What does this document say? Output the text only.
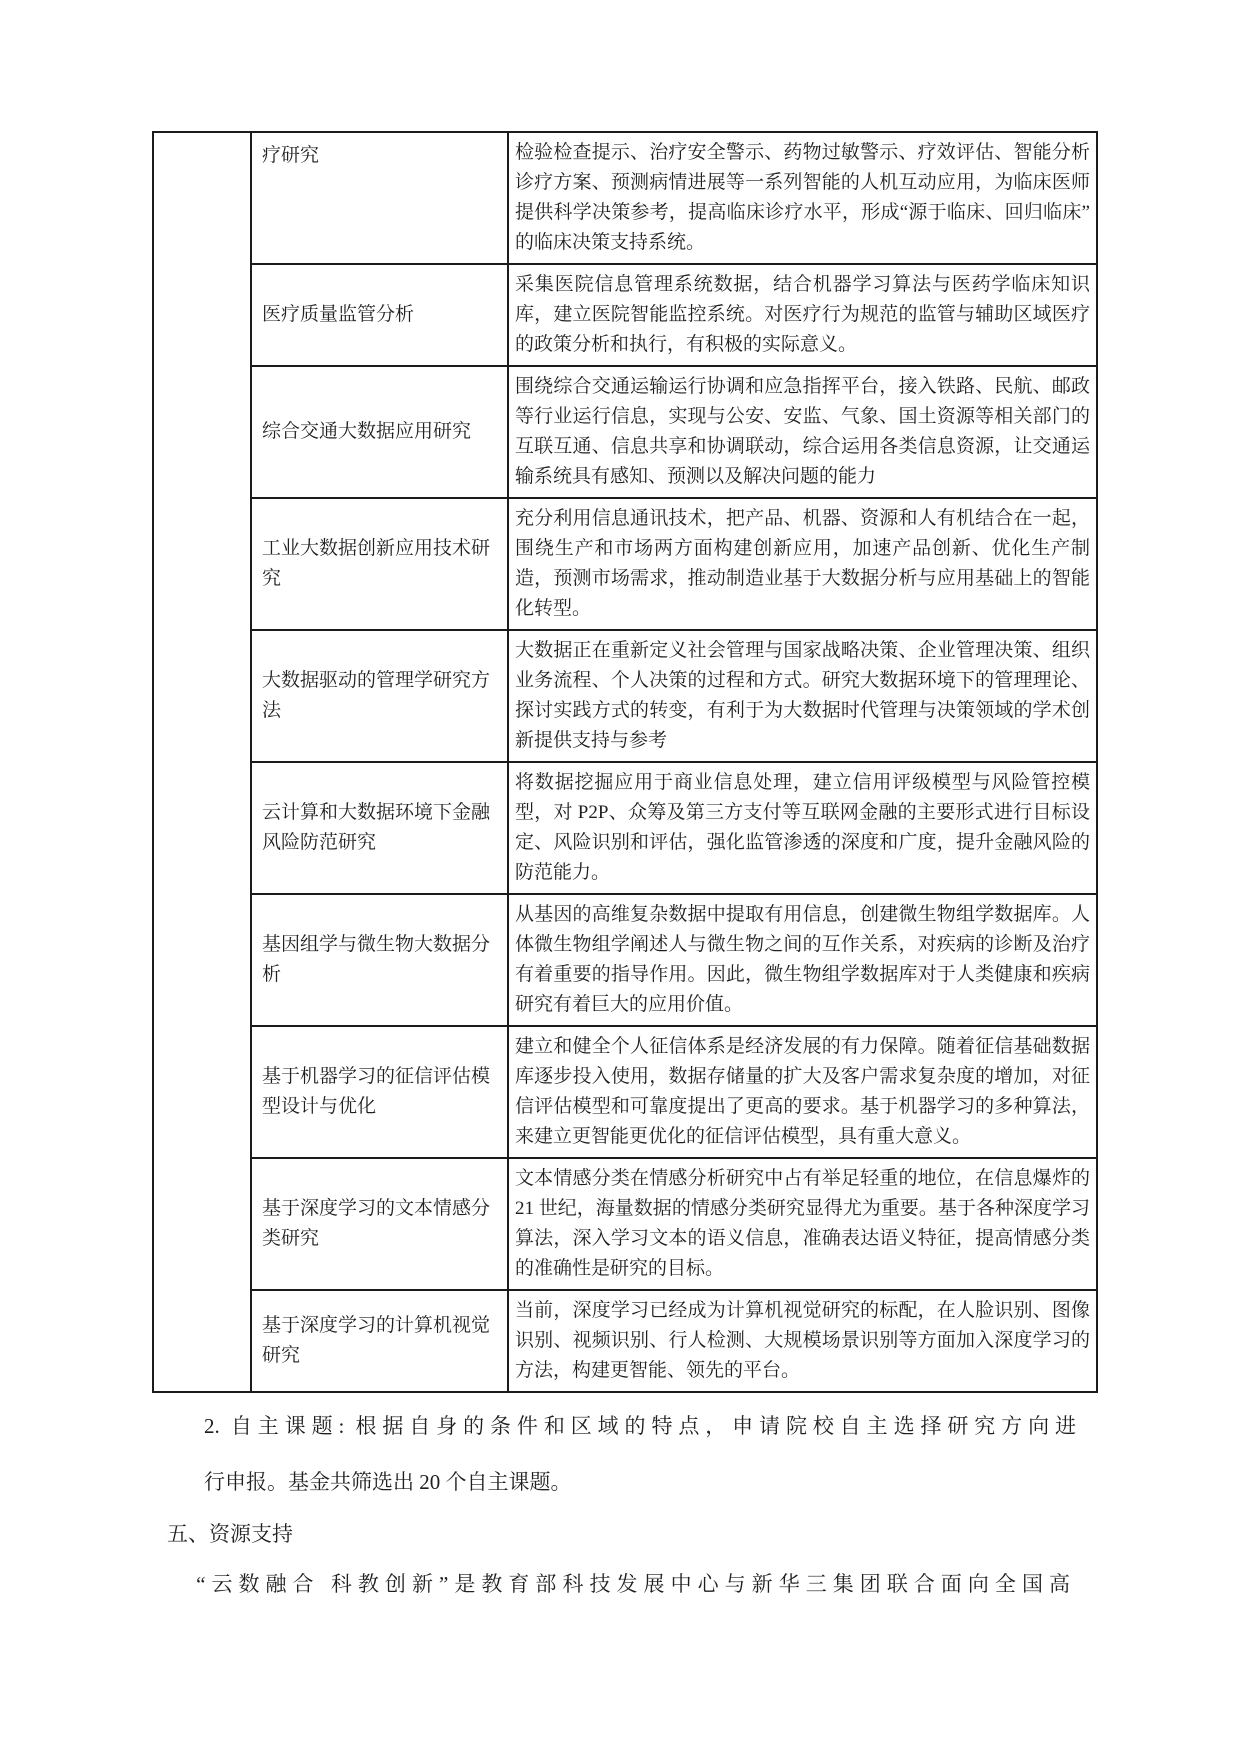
	疗研究	检验检查提示、治疗安全警示、药物过敏警示、疗效评估、智能分析诊疗方案、预测病情进展等一系列智能的人机互动应用，为临床医师提供科学决策参考，提高临床诊疗水平，形成“源于临床、回归临床”的临床决策支持系统。
	医疗质量监管分析	采集医院信息管理系统数据，结合机器学习算法与医药学临床知识库，建立医院智能监控系统。对医疗行为规范的监管与辅助区域医疗的政策分析和执行，有积极的实际意义。
	综合交通大数据应用研究	围绕综合交通运输运行协调和应急指挥平台，接入铁路、民航、邮政等行业运行信息，实现与公安、安监、气象、国土资源等相关部门的互联互通、信息共享和协调联动，综合运用各类信息资源，让交通运输系统具有感知、预测以及解决问题的能力
	工业大数据创新应用技术研究	充分利用信息通讯技术，把产品、机器、资源和人有机结合在一起，围绕生产和市场两方面构建创新应用，加速产品创新、优化生产制造，预测市场需求，推动制造业基于大数据分析与应用基础上的智能化转型。
	大数据驱动的管理学研究方法	大数据正在重新定义社会管理与国家战略决策、企业管理决策、组织业务流程、个人决策的过程和方式。研究大数据环境下的管理理论、探讨实践方式的转变，有利于为大数据时代管理与决策领域的学术创新提供支持与参考
	云计算和大数据环境下金融风险防范研究	将数据挖掘应用于商业信息处理，建立信用评级模型与风险管控模型，对 P2P、众筹及第三方支付等互联网金融的主要形式进行目标设定、风险识别和评估，强化监管渗透的深度和广度，提升金融风险的防范能力。
	基因组学与微生物大数据分析	从基因的高维复杂数据中提取有用信息，创建微生物组学数据库。人体微生物组学阐述人与微生物之间的互作关系，对疾病的诊断及治疗有着重要的指导作用。因此，微生物组学数据库对于人类健康和疾病研究有着巨大的应用价值。
	基于机器学习的征信评估模型设计与优化	建立和健全个人征信体系是经济发展的有力保障。随着征信基础数据库逐步投入使用，数据存储量的扩大及客户需求复杂度的增加，对征信评估模型和可靠度提出了更高的要求。基于机器学习的多种算法，来建立更智能更优化的征信评估模型，具有重大意义。
	基于深度学习的文本情感分类研究	文本情感分类在情感分析研究中占有举足轻重的地位，在信息爆炸的 21 世纪，海量数据的情感分类研究显得尤为重要。基于各种深度学习算法，深入学习文本的语义信息，准确表达语义特征，提高情感分类的准确性是研究的目标。
	基于深度学习的计算机视觉研究	当前，深度学习已经成为计算机视觉研究的标配，在人脸识别、图像识别、视频识别、行人检测、大规模场景识别等方面加入深度学习的方法，构建更智能、领先的平台。
2. 自主课题: 根据自身的条件和区域的特点，申请院校自主选择研究方向进
行申报。基金共筛选出 20 个自主课题。
五、资源支持
“云数融合 科教创新”是教育部科技发展中心与新华三集团联合面向全国高
